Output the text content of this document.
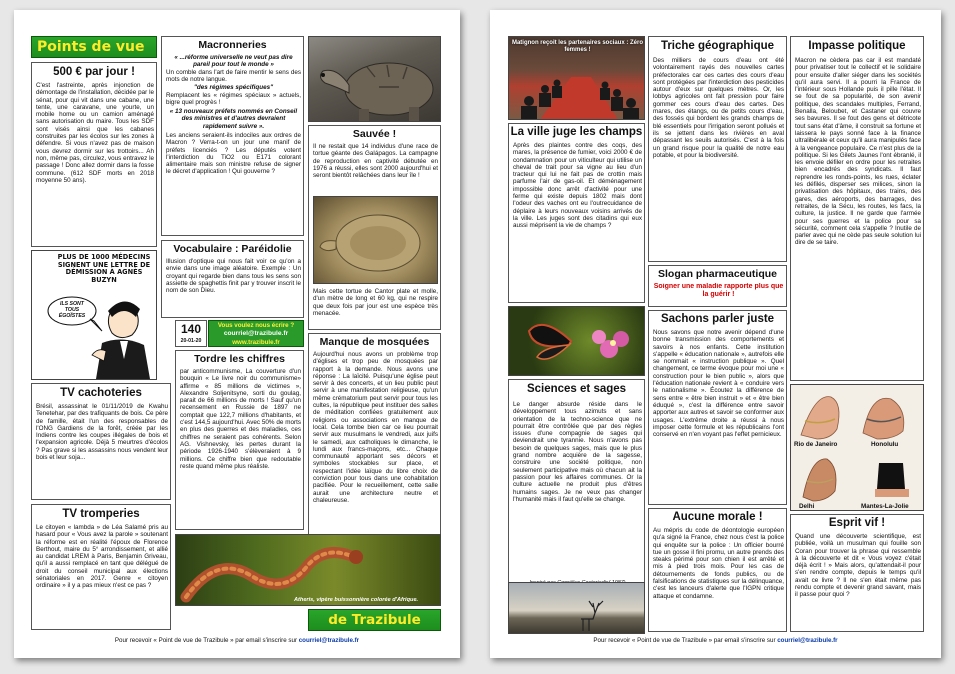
Points de vue
500 € par jour !
C'est l'astreinte, après injonction de démontage de l'installation, décidée par le sénat, pour qui vit dans une cabane, une tente, une caravane, une yourte, un mobile home ou un camion aménagé sans autorisation du maire. Tous les SDF sont visés ainsi que les cabanes construites par les écolos sur les zones à défendre. Si vous n'avez pas de maison vous devrez dormir sur les trottoirs... Ah non, même pas, circulez, vous entravez le passage ! Donc allez dormir dans la fosse commune. (612 SDF morts en 2018 moyenne 50 ans).
PLUS DE 1000 MÉDECINS SIGNENT UNE LETTRE DE DÉMISSION À AGNÈS BUZYN
ILS SONT TOUS ÉGOÏSTES
TV cachoteries
Brésil, assassinat le 01/11/2019 de Kwahu Tenetehar, par des trafiquants de bois. Ce père de famille, était l'un des responsables de l'ONG Gardiens de la forêt, créée par les Indiens contre les coupes illégales de bois et l'expansion agricole. Déjà 5 meurtres d'écolos ? Pas grave si les assassins nous vendent leur bois et leur soja...
TV tromperies
Le citoyen « lambda » de Léa Salamé pris au hasard pour « Vous avez la parole » soutenant la réforme est en réalité l'époux de Florence Berthout, maire du 5° arrondissement, et allié au candidat LREM à Paris, Benjamin Griveau, qu'il a aussi remplacé en tant que délégué de droit du conseil municipal aux élections sénatoriales en 2017. Genre « citoyen ordinaire » il y a pas mieux n'est ce pas ?
Macronneries
« ...réforme universelle ne veut pas dire pareil pour tout le monde »
Un comble dans l'art de faire mentir le sens des mots de notre langue.
"des régimes spécifiques"
Remplacent les « régimes spéciaux » actuels, bigre quel progrès !
« 13 nouveaux préfets nommés en Conseil des ministres et d'autres devraient rapidement suivre ».
Les anciens seraient-ils indociles aux ordres de Macron ? Verra-t-on un jour une manif de préfets licenciés ? Les députés votent l'interdiction du TiO2 ou E171 colorant alimentaire mais son ministre refuse de signer le décret d'application ! Qui gouverne ?
Vocabulaire : Paréidolie
Illusion d'optique qui nous fait voir ce qu'on a envie dans une image aléatoire. Exemple : Un croyant qui regarde bien dans tous les sens son assiette de spaghettis finit par y trouver inscrit le nom de son Dieu.
140
20-01-20
Vous voulez nous écrire ?
courriel@trazibule.fr
www.trazibule.fr
Tordre les chiffres
par anticommunisme, La couverture d'un bouquin « Le livre noir du communisme» affirme « 85 millions de victimes », Alexandre Soljenitsyne, sorti du goulag, parait de 66 millions de morts ! Sauf qu'un recensement en Russie de 1897 ne comptait que 122,7 millions d'habitants, et c'est 144,5 aujourd'hui. Avec 50% de morts en plus des guerres et des maladies, ces chiffres ne seraient pas cohérents. Selon AG. Vishnevsky, les pertes durant la période 1926-1940 s'élèveraient à 9 millions. Ce chiffre bien que redoutable reste quand même plus réaliste.
Sauvée !
Il ne restait que 14 individus d'une race de tortue géante des Galápagos. La campagne de reproduction en captivité débutée en 1976 a réussi, elles sont 2000 aujourd'hui et seront bientôt relâchées dans leur île !
Mais cette tortue de Cantor plate et molle, d'un mètre de long et 60 kg, qui ne respire que deux fois par jour est une espèce très menacée.
Manque de mosquées
Aujourd'hui nous avons un problème trop d'églises et trop peu de mosquées par rapport à la demande. Nous avons une réponse : La laïcité. Puisqu'une église peut servir à des concerts, et un lieu public peut servir à une manifestation religieuse, qu'un même crématorium peut servir pour tous les cultes, la république peut instituer des salles de méditation confiées gratuitement aux religions ou associations en manque de local. Cela tombe bien car ce lieu pourrait servir aux musulmans le vendredi, aux juifs le samedi, aux catholiques le dimanche, le lundi aux francs-maçons, etc... Chaque communauté apportant ses décors et symboles stockables sur place, et respectant l'idée laïque du libre choix de conviction pour tous dans une cohabitation pacifiée. Pour le recueillement, cette salle aurait une architecture neutre et chaleureuse.
Atheris, vipère buissonnière colorée d'Afrique.
de Trazibule
Pour recevoir « Point de vue de Trazibule » par email s'inscrire sur courriel@trazibule.fr
Matignon reçoit les partenaires sociaux : Zéro femmes !
La ville juge les champs
Après des plaintes contre des coqs, des mares, la présence de fumier, voici 2000 € de condamnation pour un viticulteur qui utilise un cheval de trait pour sa vigne au lieu d'un tracteur qui lui ne fait pas de crottin mais parfume l'air de gas-oil. Et déménagement impossible donc arrêt d'activité pour une ferme qui existe depuis 1802 mais dont l'odeur des vaches ont eu l'outrecuidance de déplaire à leurs nouveaux voisins arrivés de la ville. Les juges sont des citadins qui eux aussi méprisent la vie de champs ?
Sciences et sages
Le danger absurde réside dans le développement tous azimuts et sans orientation de la techno-science que ne pourrait être contrôlée que par des règles issues d'une compagnie de sages qui deviendrait une tyrannie. Nous n'avons pas besoin de quelques sages, mais que le plus grand nombre acquière de la sagesse, construire une société politique, non seulement participative mais où chacun ait la passion pour les affaires communes. Or la culture actuelle ne produit plus d'êtres humains sages. Je ne veux pas changer l'humanité mais il faut qu'elle se change.
Triche géographique
Des milliers de cours d'eau ont été volontairement rayés des nouvelles cartes préfectorales car ces cartes des cours d'eau sont protégées par l'interdiction des pesticides autour d'eux sur quelques mètres. Or, les lobbys agricoles ont fait pression pour faire gommer ces cours d'eau des cartes. Des mares, des étangs, ou de petits cours d'eau, des fossés qui bordent les grands champs de blé essentiels pour l'irrigation seront pollués et ils se jettent dans les rivières en aval dépassant les seuils autorisés. C'est à la fois un grand risque pour la qualité de notre eau potable, et pour la biodiversité.
Slogan pharmaceutique
Soigner une maladie rapporte plus que la guérir !
Sachons parler juste
Nous savons que notre avenir dépend d'une bonne transmission des comportements et savoirs à nos enfants. Cette institution s'appelle « éducation nationale », autrefois elle se nommait « instruction publique ». Quel changement, ce terme évoque pour moi une « construction pour le bien public », alors que l'éducation nationale revient à « conduire vers le nationalisme ». Écoutez la différence de sens entre « être bien instruit » et « être bien éduqué », c'est la différence entre savoir apporter aux autres et savoir se conformer aux usages. L'extrême droite a réussi à nous imposer cette formule et les républicains l'ont conservé en n'en voyant pas l'effet pernicieux.
Aucune morale !
Au mépris du code de déontologie européen qu'a signé la France, chez nous c'est la police qui enquête sur la police : Un officier bourré tue un gosse il fini promu, un autre prends des steaks périmé pour son chien il est arrêté et mis à pied trois mois. Pour les cas de détournements de fonds publics, ou de falsifications de statistiques sur la délinquance, c'est les lanceurs d'alerte que l'IGPN critique attaque et condamne.
Impasse politique
Macron ne cèdera pas car il est mandaté pour privatiser tout le collectif et le solidaire pour ensuite d'aller siéger dans les sociétés qu'il aura servi. Il a pourri la France de l'intérieur sous Hollande puis il pille l'état. Il se fout de sa popularité, de son avenir politique, des scandales multiples, Ferrand, Benalla, Beloubet, et Castaner qui couvre ses bavures. Il se fout des gens et détricote tout sans état d'âme, il construit sa fortune et laissera le pays sonné face à la finance ultralibérale et ceux qu'il aura manipulés face à la vengeance populaire. Ce n'est plus de la politique. Si les Gilets Jaunes l'ont ébranlé, il les envoie défiler en ordre pour les retraites bien encadrés des syndicats. Il faut reprendre les ronds-points, les rues, éclater les défilés, disperser ses milices, sinon la privatisation des hôpitaux, des trains, des gares, des aéroports, des barrages, des retraites, de la Sécu, les routes, les facs, la culture, la justice. Il ne garde que l'armée pour ses guerres et la police pour sa sécurité, comment cela s'appelle ? Inutile de parler avec qui ne cède pas seule solution lui dire de se taire.
Rio de Janeiro	Honolulu
Delhi	Mantes-La-Jolie
Esprit vif !
Quand une découverte scientifique, est publiée, voilà un musulman qui fouille son Coran pour trouver la phrase qui ressemble à la découverte et dit « Vous voyez c'était déjà écrit ! » Mais alors, qu'attendait-il pour s'en rendre compte, depuis le temps qu'il avait ce livre ? Il ne s'en était même pas rendu compte et devenir grand savant, mais il passe pour quoi ?
Pour recevoir « Point de vue de Trazibule » par email s'inscrire sur courriel@trazibule.fr
